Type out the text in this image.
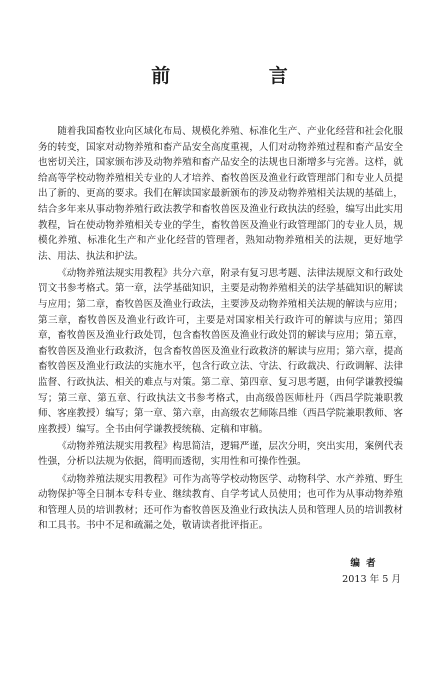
前 言

随着我国畜牧业向区域化布局、规模化养殖、标准化生产、产业化经营和社会化服务的转变，国家对动物养殖和畜产品安全高度重视，人们对动物养殖过程和畜产品安全也密切关注，国家颁布涉及动物养殖和畜产品安全的法规也日渐增多与完善。这样，就给高等学校动物养殖相关专业的人才培养、畜牧兽医及渔业行政管理部门和专业人员提出了新的、更高的要求。我们在解读国家最新颁布的涉及动物养殖相关法规的基础上，结合多年来从事动物养殖行政法教学和畜牧兽医及渔业行政执法的经验，编写出此实用教程，旨在使动物养殖相关专业的学生，畜牧兽医及渔业行政管理部门的专业人员，规模化养殖、标准化生产和产业化经营的管理者，熟知动物养殖相关的法规，更好地学法、用法、执法和护法。

《动物养殖法规实用教程》共分六章，附录有复习思考题、法律法规原文和行政处罚文书参考格式。第一章，法学基础知识，主要是动物养殖相关的法学基础知识的解读与应用；第二章，畜牧兽医及渔业行政法，主要涉及动物养殖相关法规的解读与应用；第三章，畜牧兽医及渔业行政许可，主要是对国家相关行政许可的解读与应用；第四章，畜牧兽医及渔业行政处罚，包含畜牧兽医及渔业行政处罚的解读与应用；第五章，畜牧兽医及渔业行政救济，包含畜牧兽医及渔业行政救济的解读与应用；第六章，提高畜牧兽医及渔业行政法的实施水平，包含行政立法、守法、行政裁决、行政调解、法律监督、行政执法、相关的难点与对策。第二章、第四章、复习思考题，由何学谦教授编写；第三章、第五章、行政执法文书参考格式，由高级兽医师杜丹（西昌学院兼职教师、客座教授）编写；第一章、第六章，由高级农艺师陈昌维（西昌学院兼职教师、客座教授）编写。全书由何学谦教授统稿、定稿和审稿。

《动物养殖法规实用教程》构思简洁，逻辑严谨，层次分明，突出实用，案例代表性强，分析以法规为依据，简明而透彻，实用性和可操作性强。

《动物养殖法规实用教程》可作为高等学校动物医学、动物科学、水产养殖、野生动物保护等全日制本专科专业、继续教育、自学考试人员使用；也可作为从事动物养殖和管理人员的培训教材；还可作为畜牧兽医及渔业行政执法人员和管理人员的培训教材和工具书。书中不足和疏漏之处，敬请读者批评指正。

编者
2013 年 5 月
